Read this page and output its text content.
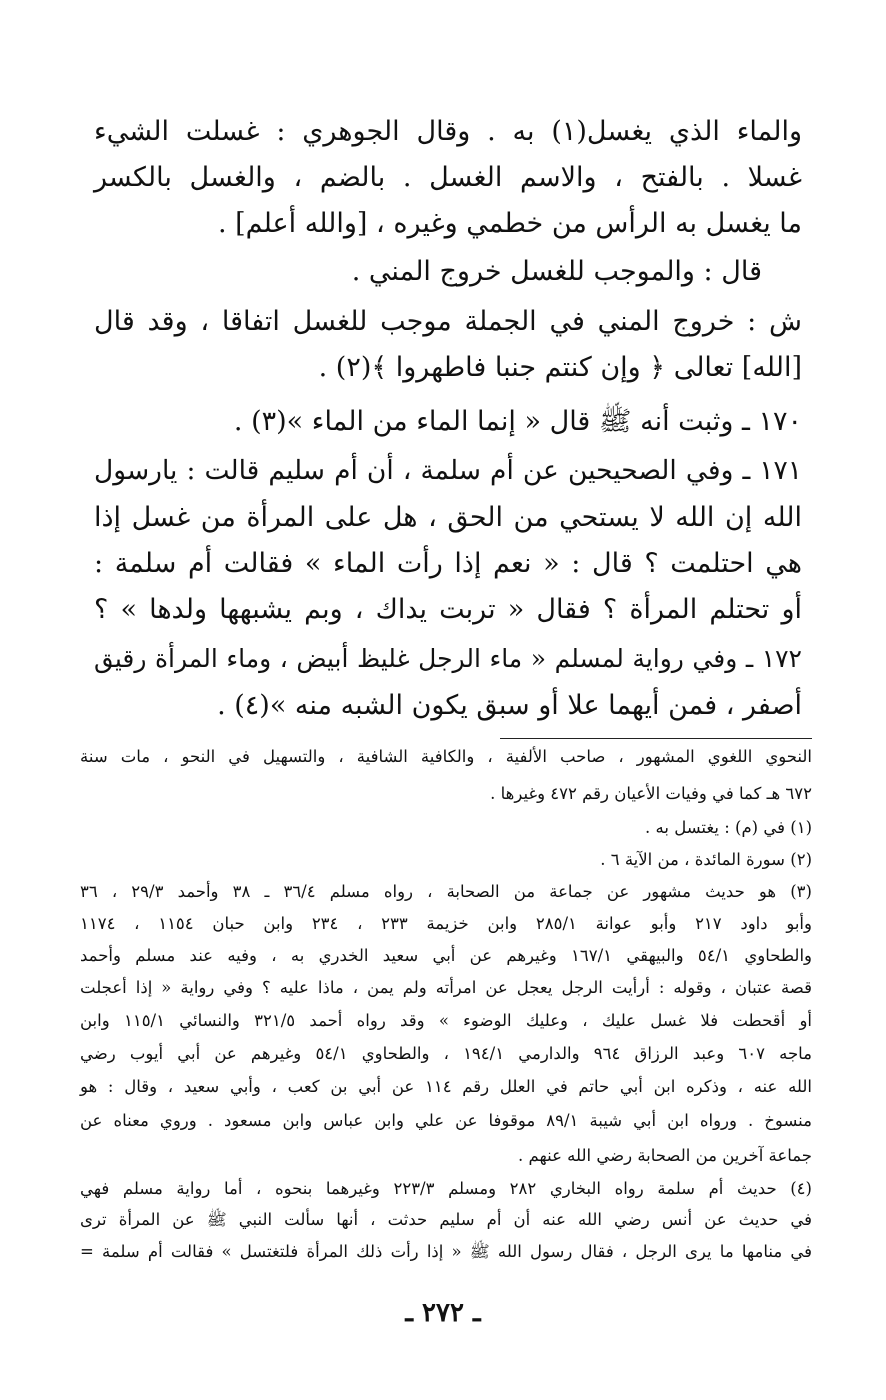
والماء الذي يغسل(١) به . وقال الجوهري : غسلت الشيء
غسلا . بالفتح ، والاسم الغسل . بالضم ، والغسل بالكسر
ما يغسل به الرأس من خطمي وغيره ، [والله أعلم] .
قال : والموجب للغسل خروج المني .
ش : خروج المني في الجملة موجب للغسل اتفاقا ، وقد قال
[الله] تعالى ﴿ وإن كنتم جنبا فاطهروا ﴾(٢) .
١٧٠ ـ وثبت أنه ﷺ قال « إنما الماء من الماء »(٣) .
١٧١ ـ وفي الصحيحين عن أم سلمة ، أن أم سليم قالت : يارسول
الله إن الله لا يستحي من الحق ، هل على المرأة من غسل إذا
هي احتلمت ؟ قال : « نعم إذا رأت الماء » فقالت أم سلمة :
أو تحتلم المرأة ؟ فقال « تربت يداك ، وبم يشبهها ولدها » ؟
١٧٢ ـ وفي رواية لمسلم « ماء الرجل غليظ أبيض ، وماء المرأة رقيق
أصفر ، فمن أيهما علا أو سبق يكون الشبه منه »(٤) .
النحوي اللغوي المشهور ، صاحب الألفية ، والكافية الشافية ، والتسهيل في النحو ، مات سنة
٦٧٢ هـ كما في وفيات الأعيان رقم ٤٧٢ وغيرها .
(١) في (م) : يغتسل به .
(٢) سورة المائدة ، من الآية ٦ .
(٣) هو حديث مشهور عن جماعة من الصحابة ، رواه مسلم ٣٦/٤ ـ ٣٨ وأحمد ٢٩/٣ ، ٣٦
وأبو داود ٢١٧ وأبو عوانة ٢٨٥/١ وابن خزيمة ٢٣٣ ، ٢٣٤ وابن حبان ١١٥٤ ، ١١٧٤
والطحاوي ٥٤/١ والبيهقي ١٦٧/١ وغيرهم عن أبي سعيد الخدري به ، وفيه عند مسلم وأحمد
قصة عتبان ، وقوله : أرأيت الرجل يعجل عن امرأته ولم يمن ، ماذا عليه ؟ وفي رواية « إذا أعجلت
أو أقحطت فلا غسل عليك ، وعليك الوضوء » وقد رواه أحمد ٣٢١/٥ والنسائي ١١٥/١ وابن
ماجه ٦٠٧ وعبد الرزاق ٩٦٤ والدارمي ١٩٤/١ ، والطحاوي ٥٤/١ وغيرهم عن أبي أيوب رضي
الله عنه ، وذكره ابن أبي حاتم في العلل رقم ١١٤ عن أبي بن كعب ، وأبي سعيد ، وقال : هو
منسوخ . ورواه ابن أبي شيبة ٨٩/١ موقوفا عن علي وابن عباس وابن مسعود . وروي معناه عن
جماعة آخرين من الصحابة رضي الله عنهم .
(٤) حديث أم سلمة رواه البخاري ٢٨٢ ومسلم ٢٢٣/٣ وغيرهما بنحوه ، أما رواية مسلم فهي
في حديث عن أنس رضي الله عنه أن أم سليم حدثت ، أنها سألت النبي ﷺ عن المرأة ترى
في منامها ما يرى الرجل ، فقال رسول الله ﷺ « إذا رأت ذلك المرأة فلتغتسل » فقالت أم سلمة =
ـ ٢٧٢ ـ
